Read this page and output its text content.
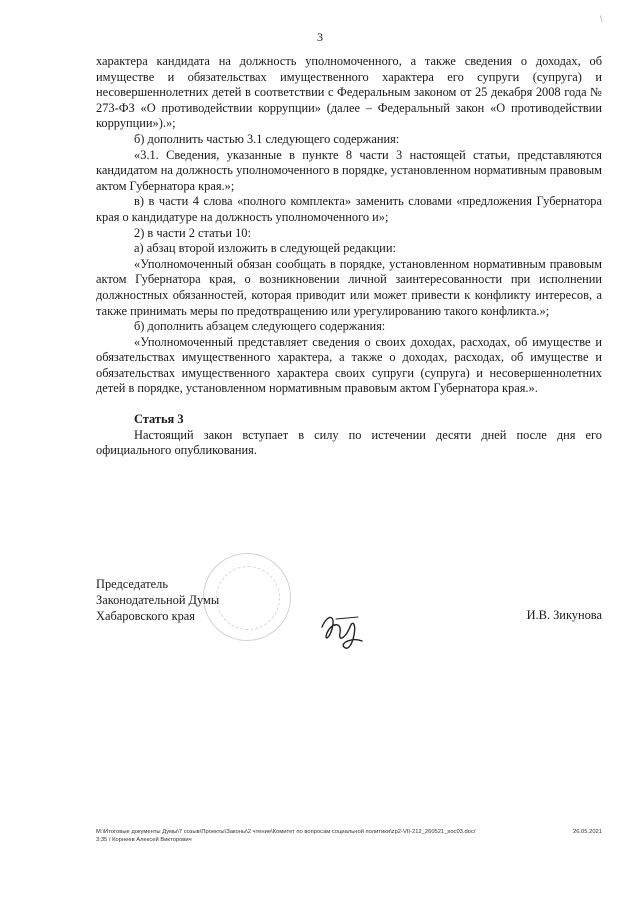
3
\

характера кандидата на должность уполномоченного, а также сведения о доходах, об имуществе и обязательствах имущественного характера его супруги (супруга) и несовершеннолетних детей в соответствии с Федеральным законом от 25 декабря 2008 года № 273-ФЗ «О противодействии коррупции» (далее – Федеральный закон «О противодействии коррупции»).»;

б) дополнить частью 3.1 следующего содержания:

«3.1. Сведения, указанные в пункте 8 части 3 настоящей статьи, представляются кандидатом на должность уполномоченного в порядке, установленном нормативным правовым актом Губернатора края.»;

в) в части 4 слова «полного комплекта» заменить словами «предложения Губернатора края о кандидатуре на должность уполномоченного и»;

2) в части 2 статьи 10:

а) абзац второй изложить в следующей редакции:

«Уполномоченный обязан сообщать в порядке, установленном нормативным правовым актом Губернатора края, о возникновении личной заинтересованности при исполнении должностных обязанностей, которая приводит или может привести к конфликту интересов, а также принимать меры по предотвращению или урегулированию такого конфликта.»;

б) дополнить абзацем следующего содержания:

«Уполномоченный представляет сведения о своих доходах, расходах, об имуществе и обязательствах имущественного характера, а также о доходах, расходах, об имуществе и обязательствах имущественного характера своих супруги (супруга) и несовершеннолетних детей в порядке, установленном нормативным правовым актом Губернатора края.».

Статья 3

Настоящий закон вступает в силу по истечении десяти дней после дня его официального опубликования.

Председатель
Законодательной Думы
Хабаровского края	И.В. Зикунова
M:\Итоговые документы Думы\7 созыв\Проекты\Законы\2 чтение\Комитет по вопросам социальной политики\zp2-VII-212_260521_soc03.doc/	26.05.2021
3:35 / Корнеев Алексей Викторович
